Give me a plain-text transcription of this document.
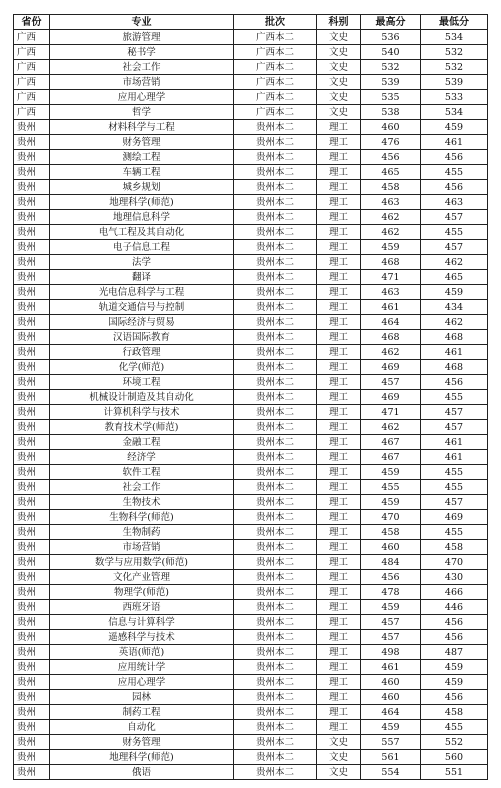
省份	专业	批次	科别	最高分	最低分
广西	旅游管理	广西本二	文史	536	534
广西	秘书学	广西本二	文史	540	532
广西	社会工作	广西本二	文史	532	532
广西	市场营销	广西本二	文史	539	539
广西	应用心理学	广西本二	文史	535	533
广西	哲学	广西本二	文史	538	534
贵州	材料科学与工程	贵州本二	理工	460	459
贵州	财务管理	贵州本二	理工	476	461
贵州	测绘工程	贵州本二	理工	456	456
贵州	车辆工程	贵州本二	理工	465	455
贵州	城乡规划	贵州本二	理工	458	456
贵州	地理科学(师范)	贵州本二	理工	463	463
贵州	地理信息科学	贵州本二	理工	462	457
贵州	电气工程及其自动化	贵州本二	理工	462	455
贵州	电子信息工程	贵州本二	理工	459	457
贵州	法学	贵州本二	理工	468	462
贵州	翻译	贵州本二	理工	471	465
贵州	光电信息科学与工程	贵州本二	理工	463	459
贵州	轨道交通信号与控制	贵州本二	理工	461	434
贵州	国际经济与贸易	贵州本二	理工	464	462
贵州	汉语国际教育	贵州本二	理工	468	468
贵州	行政管理	贵州本二	理工	462	461
贵州	化学(师范)	贵州本二	理工	469	468
贵州	环境工程	贵州本二	理工	457	456
贵州	机械设计制造及其自动化	贵州本二	理工	469	455
贵州	计算机科学与技术	贵州本二	理工	471	457
贵州	教育技术学(师范)	贵州本二	理工	462	457
贵州	金融工程	贵州本二	理工	467	461
贵州	经济学	贵州本二	理工	467	461
贵州	软件工程	贵州本二	理工	459	455
贵州	社会工作	贵州本二	理工	455	455
贵州	生物技术	贵州本二	理工	459	457
贵州	生物科学(师范)	贵州本二	理工	470	469
贵州	生物制药	贵州本二	理工	458	455
贵州	市场营销	贵州本二	理工	460	458
贵州	数学与应用数学(师范)	贵州本二	理工	484	470
贵州	文化产业管理	贵州本二	理工	456	430
贵州	物理学(师范)	贵州本二	理工	478	466
贵州	西班牙语	贵州本二	理工	459	446
贵州	信息与计算科学	贵州本二	理工	457	456
贵州	遥感科学与技术	贵州本二	理工	457	456
贵州	英语(师范)	贵州本二	理工	498	487
贵州	应用统计学	贵州本二	理工	461	459
贵州	应用心理学	贵州本二	理工	460	459
贵州	园林	贵州本二	理工	460	456
贵州	制药工程	贵州本二	理工	464	458
贵州	自动化	贵州本二	理工	459	455
贵州	财务管理	贵州本二	文史	557	552
贵州	地理科学(师范)	贵州本二	文史	561	560
贵州	俄语	贵州本二	文史	554	551
